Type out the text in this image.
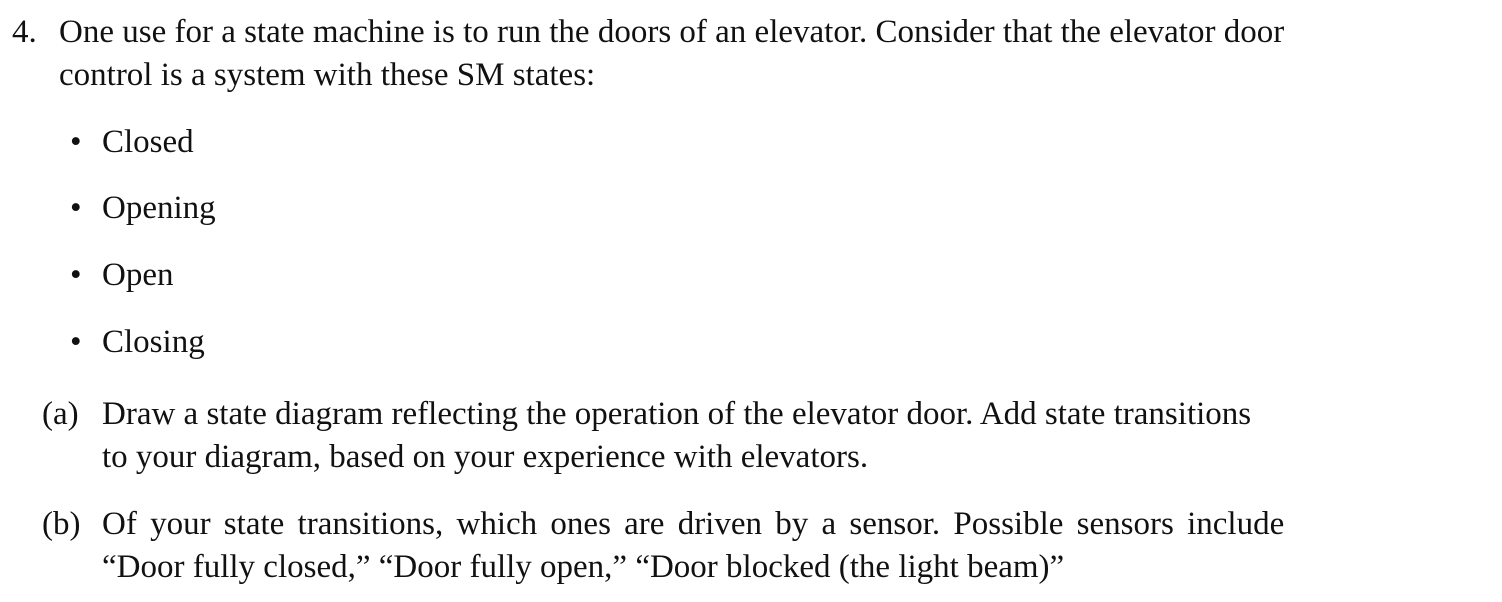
4. One use for a state machine is to run the doors of an elevator. Consider that the elevator door
control is a system with these SM states:
• Closed
• Opening
• Open
• Closing
(a) Draw a state diagram reflecting the operation of the elevator door. Add state transitions
to your diagram, based on your experience with elevators.
(b) Of your state transitions, which ones are driven by a sensor. Possible sensors include
“Door fully closed,” “Door fully open,” “Door blocked (the light beam)”
